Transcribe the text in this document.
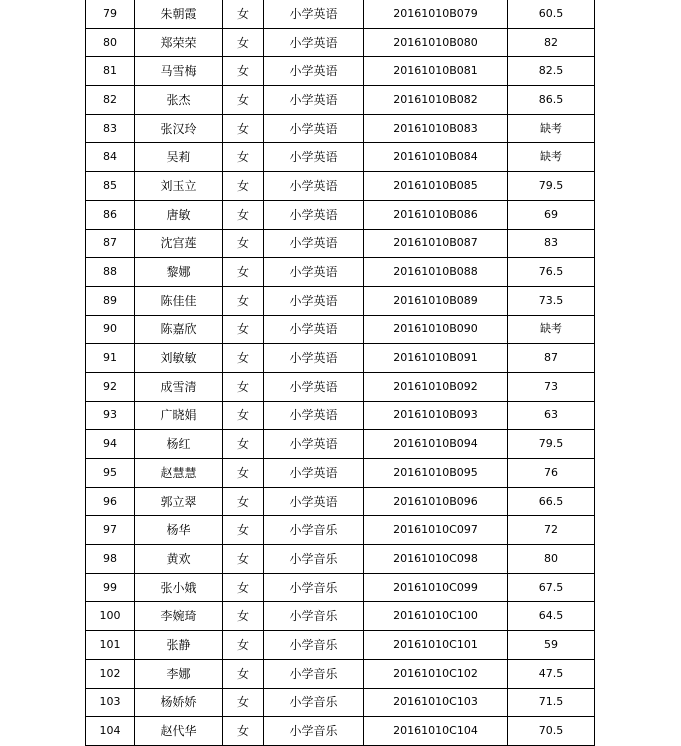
79	朱朝霞	女	小学英语	20161010B079	60.5
80	郑荣荣	女	小学英语	20161010B080	82
81	马雪梅	女	小学英语	20161010B081	82.5
82	张杰	女	小学英语	20161010B082	86.5
83	张汉玲	女	小学英语	20161010B083	缺考
84	吴莉	女	小学英语	20161010B084	缺考
85	刘玉立	女	小学英语	20161010B085	79.5
86	唐敏	女	小学英语	20161010B086	69
87	沈宫莲	女	小学英语	20161010B087	83
88	黎娜	女	小学英语	20161010B088	76.5
89	陈佳佳	女	小学英语	20161010B089	73.5
90	陈嘉欣	女	小学英语	20161010B090	缺考
91	刘敏敏	女	小学英语	20161010B091	87
92	成雪清	女	小学英语	20161010B092	73
93	广晓娟	女	小学英语	20161010B093	63
94	杨红	女	小学英语	20161010B094	79.5
95	赵慧慧	女	小学英语	20161010B095	76
96	郭立翠	女	小学英语	20161010B096	66.5
97	杨华	女	小学音乐	20161010C097	72
98	黄欢	女	小学音乐	20161010C098	80
99	张小娥	女	小学音乐	20161010C099	67.5
100	李婉琦	女	小学音乐	20161010C100	64.5
101	张静	女	小学音乐	20161010C101	59
102	李娜	女	小学音乐	20161010C102	47.5
103	杨娇娇	女	小学音乐	20161010C103	71.5
104	赵代华	女	小学音乐	20161010C104	70.5
